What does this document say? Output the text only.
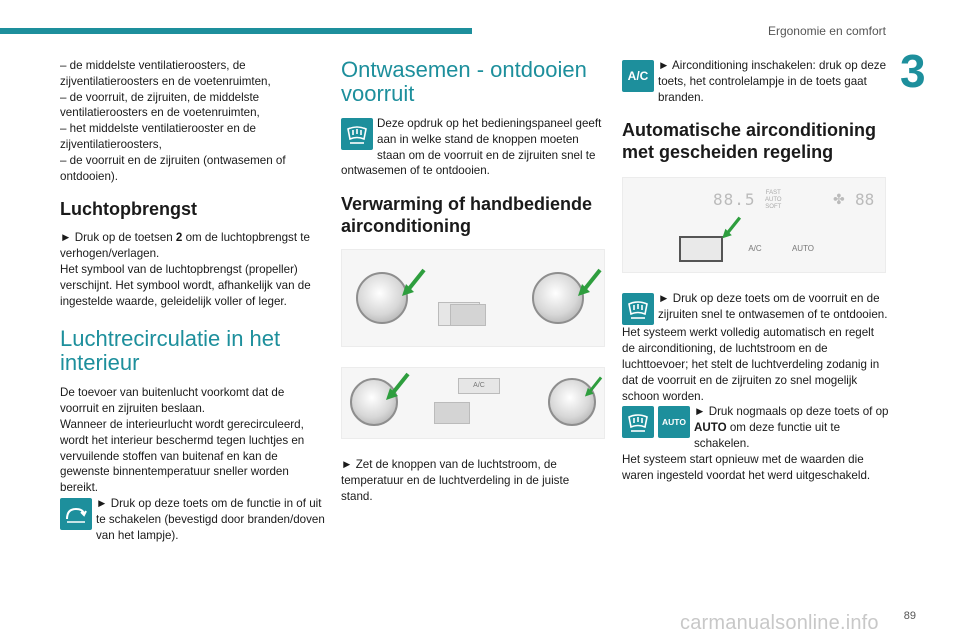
Ergonomie en comfort
3

– de middelste ventilatieroosters, de zijventilatieroosters en de voetenruimten,

– de voorruit, de zijruiten, de middelste ventilatieroosters en de voetenruimten,

– het middelste ventilatierooster en de zijventilatieroosters,

– de voorruit en de zijruiten (ontwasemen of ontdooien).

Luchtopbrengst

► Druk op de toetsen 2 om de luchtopbrengst te verhogen/verlagen.

Het symbool van de luchtopbrengst (propeller) verschijnt. Het symbool wordt, afhankelijk van de ingestelde waarde, geleidelijk voller of leger.

Luchtrecirculatie in het interieur

De toevoer van buitenlucht voorkomt dat de voorruit en zijruiten beslaan.

Wanneer de interieurlucht wordt gerecirculeerd, wordt het interieur beschermd tegen luchtjes en vervuilende stoffen van buitenaf en kan de gewenste binnentemperatuur sneller worden bereikt.

► Druk op deze toets om de functie in of uit te schakelen (bevestigd door branden/doven van het lampje).
Ontwasemen - ontdooien voorruit
Deze opdruk op het bedieningspaneel geeft aan in welke stand de knoppen moeten staan om de voorruit en de zijruiten snel te ontwasemen of te ontdooien.
Verwarming of handbediende airconditioning
A/C

► Zet de knoppen van de luchtstroom, de temperatuur en de luchtverdeling in de juiste stand.

A/C
► Airconditioning inschakelen: druk op deze toets, het controlelampje in de toets gaat branden.
Automatische airconditioning met gescheiden regeling
88.5 FAST
AUTO
SOFT	✤ 88
A/C	AUTO
► Druk op deze toets om de voorruit en de zijruiten snel te ontwasemen of te ontdooien.

Het systeem werkt volledig automatisch en regelt de airconditioning, de luchtstroom en de luchttoevoer; het stelt de luchtverdeling zodanig in dat de voorruit en de zijruiten zo snel mogelijk schoon worden.

AUTO
► Druk nogmaals op deze toets of op AUTO om deze functie uit te schakelen.

Het systeem start opnieuw met de waarden die waren ingesteld voordat het werd uitgeschakeld.

carmanualsonline.info 89
